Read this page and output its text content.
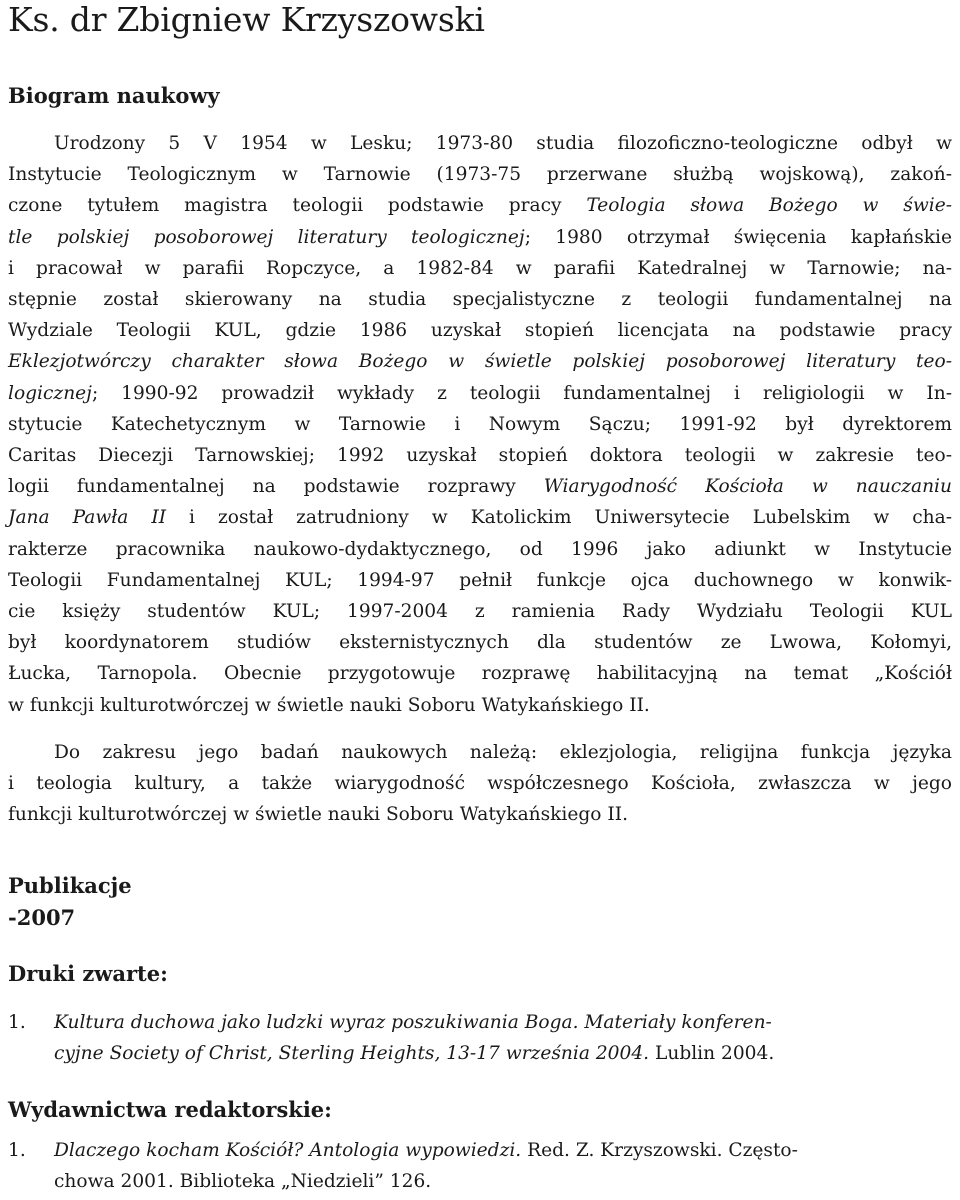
Ks. dr Zbigniew Krzyszowski
Biogram naukowy
Urodzony 5 V 1954 w Lesku; 1973-80 studia filozoficzno-teologiczne odbył w
Instytucie Teologicznym w Tarnowie (1973-75 przerwane służbą wojskową), zakoń-
czone tytułem magistra teologii podstawie pracy Teologia słowa Bożego w świe-
tle polskiej posoborowej literatury teologicznej; 1980 otrzymał święcenia kapłańskie
i pracował w parafii Ropczyce, a 1982-84 w parafii Katedralnej w Tarnowie; na-
stępnie został skierowany na studia specjalistyczne z teologii fundamentalnej na
Wydziale Teologii KUL, gdzie 1986 uzyskał stopień licencjata na podstawie pracy
Eklezjotwórczy charakter słowa Bożego w świetle polskiej posoborowej literatury teo-
logicznej; 1990-92 prowadził wykłady z teologii fundamentalnej i religiologii w In-
stytucie Katechetycznym w Tarnowie i Nowym Sączu; 1991-92 był dyrektorem
Caritas Diecezji Tarnowskiej; 1992 uzyskał stopień doktora teologii w zakresie teo-
logii fundamentalnej na podstawie rozprawy Wiarygodność Kościoła w nauczaniu
Jana Pawła II i został zatrudniony w Katolickim Uniwersytecie Lubelskim w cha-
rakterze pracownika naukowo-dydaktycznego, od 1996 jako adiunkt w Instytucie
Teologii Fundamentalnej KUL; 1994-97 pełnił funkcje ojca duchownego w konwik-
cie księży studentów KUL; 1997-2004 z ramienia Rady Wydziału Teologii KUL
był koordynatorem studiów eksternistycznych dla studentów ze Lwowa, Kołomyi,
Łucka, Tarnopola. Obecnie przygotowuje rozprawę habilitacyjną na temat „Kościół
w funkcji kulturotwórczej w świetle nauki Soboru Watykańskiego II.
Do zakresu jego badań naukowych należą: eklezjologia, religijna funkcja języka
i teologia kultury, a także wiarygodność współczesnego Kościoła, zwłaszcza w jego
funkcji kulturotwórczej w świetle nauki Soboru Watykańskiego II.
Publikacje
-2007
Druki zwarte:
1. Kultura duchowa jako ludzki wyraz poszukiwania Boga. Materiały konferen-
cyjne Society of Christ, Sterling Heights, 13-17 września 2004. Lublin 2004.
Wydawnictwa redaktorskie:
1. Dlaczego kocham Kościół? Antologia wypowiedzi. Red. Z. Krzyszowski. Często-
chowa 2001. Biblioteka „Niedzieli” 126.
